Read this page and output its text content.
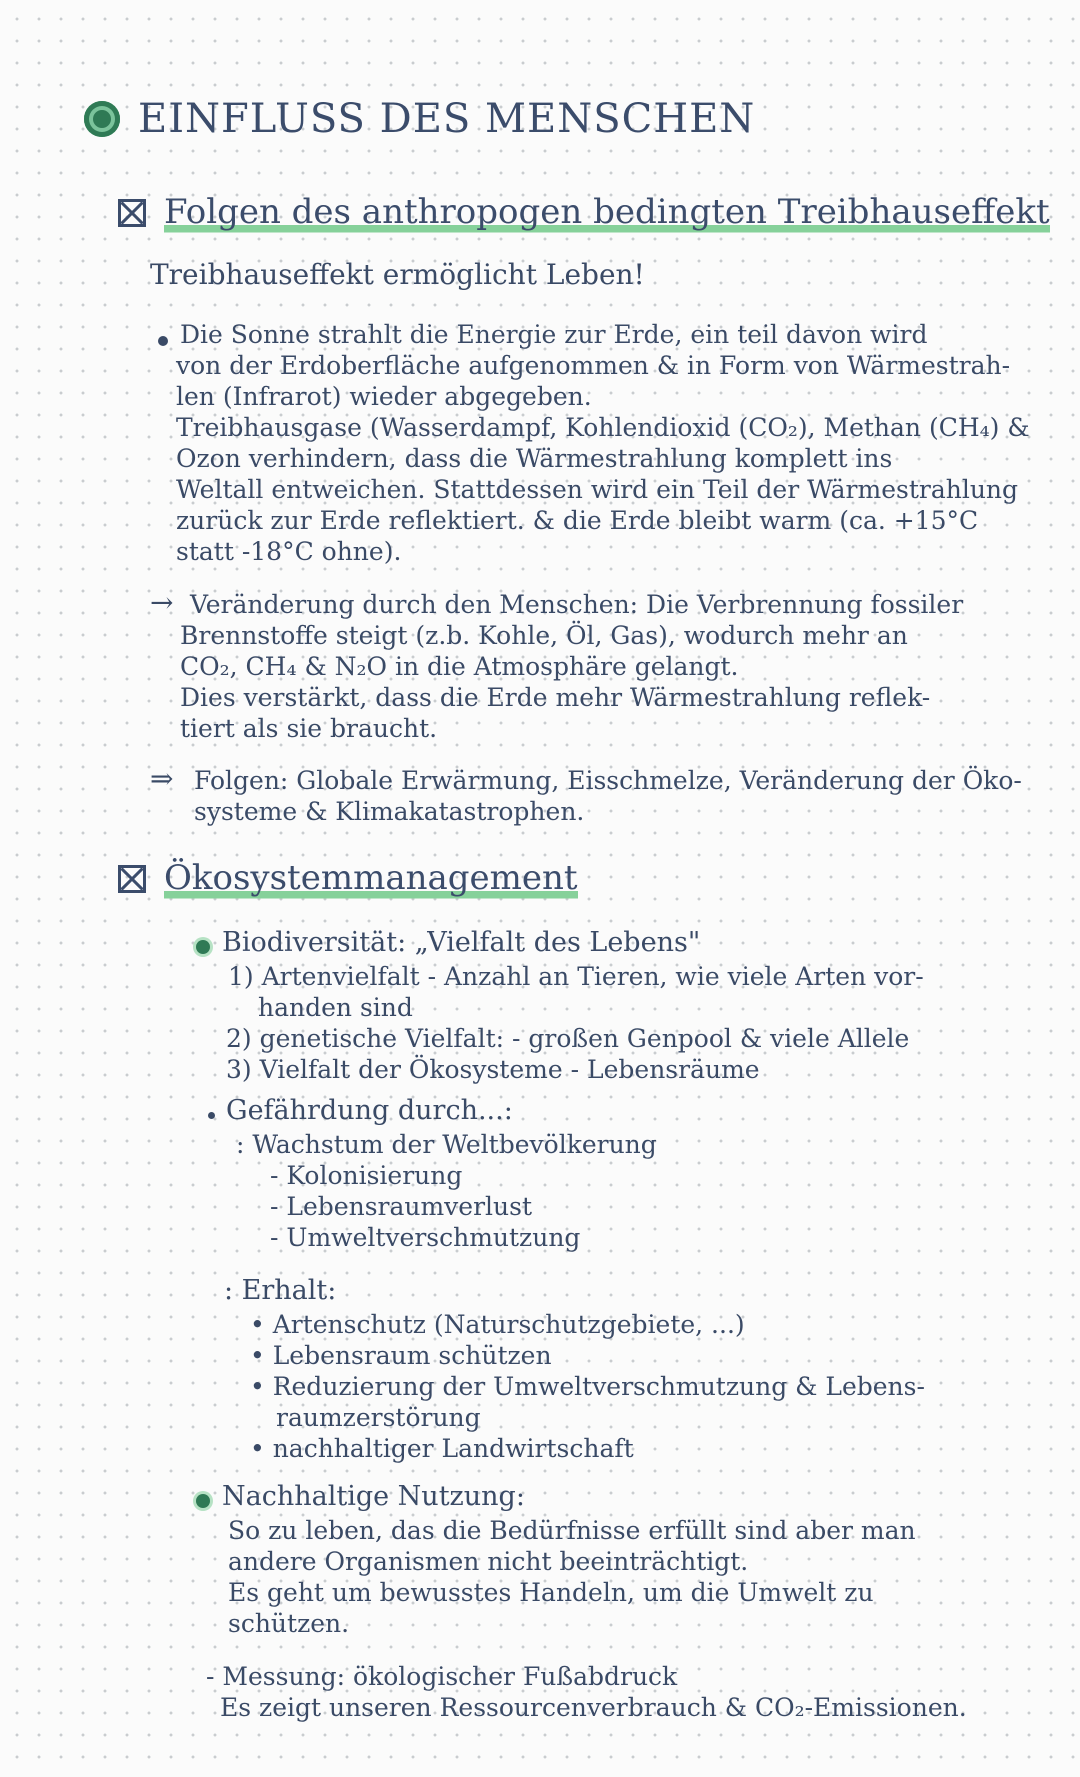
EINFLUSS DES MENSCHEN
Folgen des anthropogen bedingten Treibhauseffekt
Treibhauseffekt ermöglicht Leben!
Die Sonne strahlt die Energie zur Erde, ein teil davon wird
von der Erdoberfläche aufgenommen & in Form von Wärmestrah-
len (Infrarot) wieder abgegeben.
Treibhausgase (Wasserdampf, Kohlendioxid (CO₂), Methan (CH₄) &
Ozon verhindern, dass die Wärmestrahlung komplett ins
Weltall entweichen. Stattdessen wird ein Teil der Wärmestrahlung
zurück zur Erde reflektiert. & die Erde bleibt warm (ca. +15°C
statt -18°C ohne).
→ Veränderung durch den Menschen: Die Verbrennung fossiler
Brennstoffe steigt (z.b. Kohle, Öl, Gas), wodurch mehr an
CO₂, CH₄ & N₂O in die Atmosphäre gelangt.
Dies verstärkt, dass die Erde mehr Wärmestrahlung reflek-
tiert als sie braucht.
⇒ Folgen: Globale Erwärmung, Eisschmelze, Veränderung der Öko-
systeme & Klimakatastrophen.
Ökosystemmanagement
Biodiversität: „Vielfalt des Lebens"
1) Artenvielfalt - Anzahl an Tieren, wie viele Arten vor-
handen sind
2) genetische Vielfalt: - großen Genpool & viele Allele
3) Vielfalt der Ökosysteme - Lebensräume
Gefährdung durch...:
: Wachstum der Weltbevölkerung
- Kolonisierung
- Lebensraumverlust
- Umweltverschmutzung
: Erhalt:
• Artenschutz (Naturschutzgebiete, ...)
• Lebensraum schützen
• Reduzierung der Umweltverschmutzung & Lebens-
raumzerstörung
• nachhaltiger Landwirtschaft
Nachhaltige Nutzung:
So zu leben, das die Bedürfnisse erfüllt sind aber man
andere Organismen nicht beeinträchtigt.
Es geht um bewusstes Handeln, um die Umwelt zu
schützen.
- Messung: ökologischer Fußabdruck
Es zeigt unseren Ressourcenverbrauch & CO₂-Emissionen.
